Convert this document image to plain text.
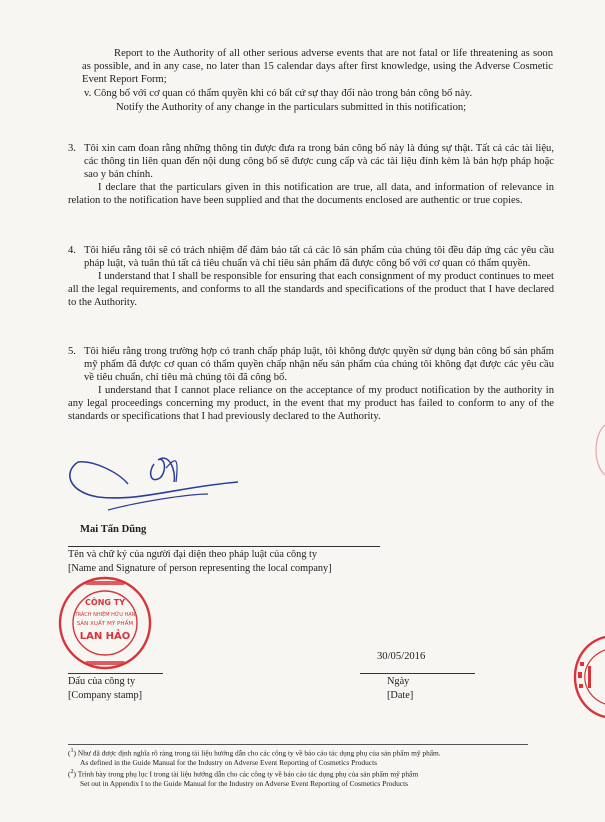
Report to the Authority of all other serious adverse events that are not fatal or life threatening as soon as possible, and in any case, no later than 15 calendar days after first knowledge, using the Adverse Cosmetic Event Report Form;

v. Công bố với cơ quan có thẩm quyền khi có bất cứ sự thay đổi nào trong bản công bố này.

Notify the Authority of any change in the particulars submitted in this notification;

3. Tôi xin cam đoan rằng những thông tin được đưa ra trong bản công bố này là đúng sự thật. Tất cả các tài liệu, các thông tin liên quan đến nội dung công bố sẽ được cung cấp và các tài liệu đính kèm là bản hợp pháp hoặc sao y bản chính.

I declare that the particulars given in this notification are true, all data, and information of relevance in relation to the notification have been supplied and that the documents enclosed are authentic or true copies.

4. Tôi hiểu rằng tôi sẽ có trách nhiệm để đảm bảo tất cả các lô sản phẩm của chúng tôi đều đáp ứng các yêu cầu pháp luật, và tuân thủ tất cả tiêu chuẩn và chỉ tiêu sản phẩm đã được công bố với cơ quan có thẩm quyền.

I understand that I shall be responsible for ensuring that each consignment of my product continues to meet all the legal requirements, and conforms to all the standards and specifications of the product that I have declared to the Authority.

5. Tôi hiểu rằng trong trường hợp có tranh chấp pháp luật, tôi không được quyền sử dụng bản công bố sản phẩm mỹ phẩm đã được cơ quan có thẩm quyền chấp nhận nếu sản phẩm của chúng tôi không đạt được các yêu cầu về tiêu chuẩn, chỉ tiêu mà chúng tôi đã công bố.

I understand that I cannot place reliance on the acceptance of my product notification by the authority in any legal proceedings concerning my product, in the event that my product has failed to conform to any of the standards or specifications that I had previously declared to the Authority.

Mai Tấn Dũng

Tên và chữ ký của người đại diện theo pháp luật của công ty

[Name and Signature of person representing the local company]

CÔNG TY
TRÁCH NHIỆM HỮU HẠN
SẢN XUẤT MỸ PHẨM
LAN HẢO

30/05/2016

Dấu của công ty

[Company stamp]

Ngày

[Date]

($^1$) Như đã được định nghĩa rõ ràng trong tài liệu hướng dẫn cho các công ty về báo cáo tác dụng phụ của sản phẩm mỹ phẩm.
As defined in the Guide Manual for the Industry on Adverse Event Reporting of Cosmetics Products
($^2$) Trình bày trong phụ lục I trong tài liệu hướng dẫn cho các công ty về báo cáo tác dụng phụ của sản phẩm mỹ phẩm
Set out in Appendix I to the Guide Manual for the Industry on Adverse Event Reporting of Cosmetics Products
